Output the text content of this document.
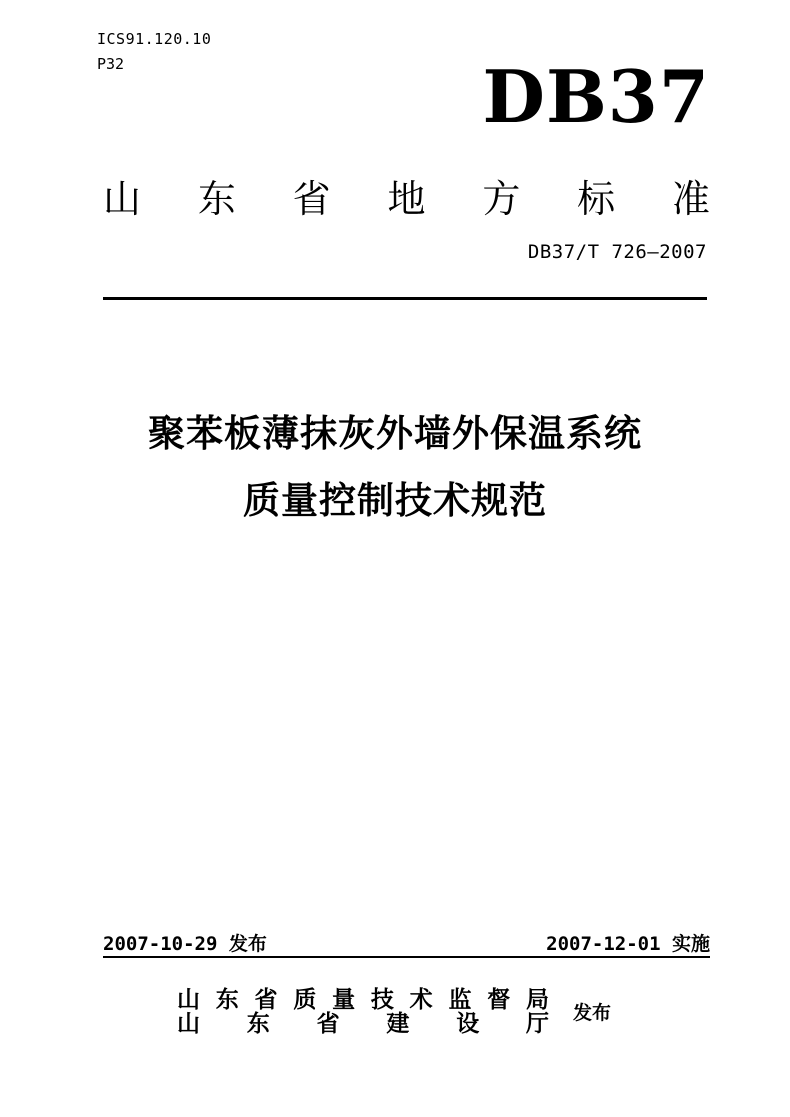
ICS91.120.10
P32	DB37
山东省地方标准
DB37/T 726—2007
聚苯板薄抹灰外墙外保温系统
质量控制技术规范
2007-10-29 发布	2007-12-01 实施
山东省质量技术监督局
山东省建设厅 发布
